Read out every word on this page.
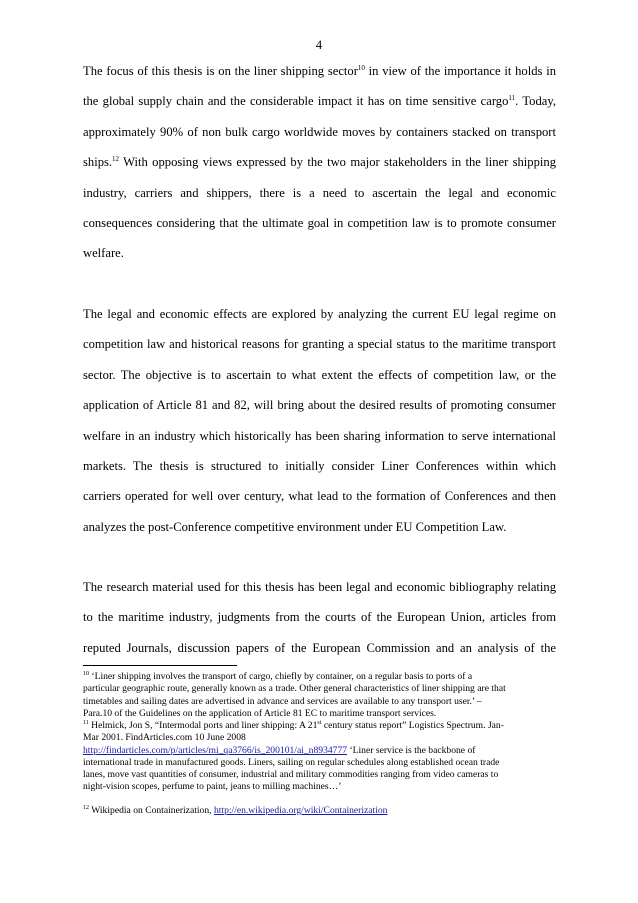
4
The focus of this thesis is on the liner shipping sector$^{10}$ in view of the importance it holds in
the global supply chain and the considerable impact it has on time sensitive cargo$^{11}$. Today,
approximately 90% of non bulk cargo worldwide moves by containers stacked on transport
ships.$^{12}$ With opposing views expressed by the two major stakeholders in the liner shipping
industry, carriers and shippers, there is a need to ascertain the legal and economic
consequences considering that the ultimate goal in competition law is to promote consumer
welfare.
The legal and economic effects are explored by analyzing the current EU legal regime on
competition law and historical reasons for granting a special status to the maritime transport
sector. The objective is to ascertain to what extent the effects of competition law, or the
application of Article 81 and 82, will bring about the desired results of promoting consumer
welfare in an industry which historically has been sharing information to serve international
markets. The thesis is structured to initially consider Liner Conferences within which
carriers operated for well over century, what lead to the formation of Conferences and then
analyzes the post-Conference competitive environment under EU Competition Law.
The research material used for this thesis has been legal and economic bibliography relating
to the maritime industry, judgments from the courts of the European Union, articles from
reputed Journals, discussion papers of the European Commission and an analysis of the
$^{10}$ ‘Liner shipping involves the transport of cargo, chiefly by container, on a regular basis to ports of a
particular geographic route, generally known as a trade. Other general characteristics of liner shipping are that
timetables and sailing dates are advertised in advance and services are available to any transport user.’ –
Para.10 of the Guidelines on the application of Article 81 EC to maritime transport services.
$^{11}$ Helmick, Jon S, “Intermodal ports and liner shipping: A 21st century status report” Logistics Spectrum. Jan-
Mar 2001. FindArticles.com 10 June 2008
http://findarticles.com/p/articles/mi_qa3766/is_200101/ai_n8934777 ‘Liner service is the backbone of
international trade in manufactured goods. Liners, sailing on regular schedules along established ocean trade
lanes, move vast quantities of consumer, industrial and military commodities ranging from video cameras to
night-vision scopes, perfume to paint, jeans to milling machines…’
$^{12}$ Wikipedia on Containerization, http://en.wikipedia.org/wiki/Containerization
